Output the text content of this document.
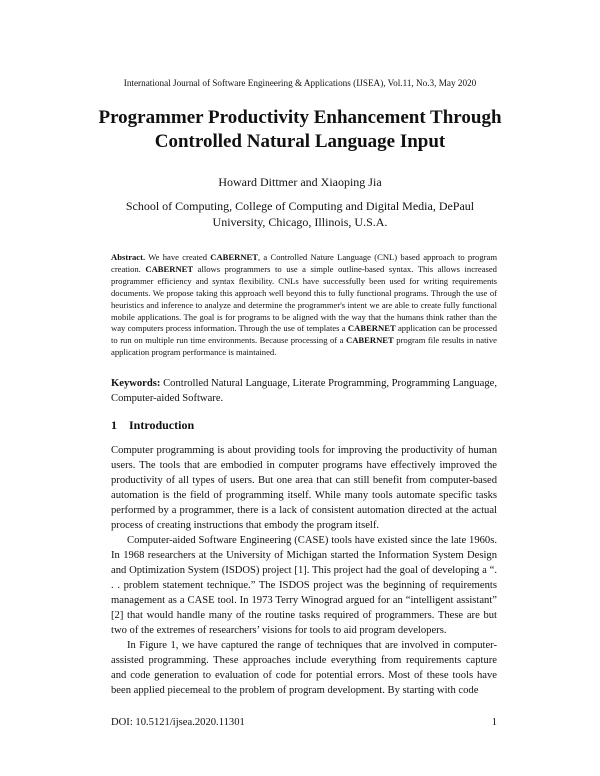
International Journal of Software Engineering & Applications (IJSEA), Vol.11, No.3, May 2020
Programmer Productivity Enhancement Through Controlled Natural Language Input
Howard Dittmer and Xiaoping Jia
School of Computing, College of Computing and Digital Media, DePaul University, Chicago, Illinois, U.S.A.

Abstract. We have created CABERNET, a Controlled Nature Language (CNL) based approach to program creation. CABERNET allows programmers to use a simple outline-based syntax. This allows increased programmer efficiency and syntax flexibility. CNLs have successfully been used for writing requirements documents. We propose taking this approach well beyond this to fully functional programs. Through the use of heuristics and inference to analyze and determine the programmer's intent we are able to create fully functional mobile applications. The goal is for programs to be aligned with the way that the humans think rather than the way computers process information. Through the use of templates a CABERNET application can be processed to run on multiple run time environments. Because processing of a CABERNET program file results in native application program performance is maintained.

Keywords: Controlled Natural Language, Literate Programming, Programming Language, Computer-aided Software.

1 Introduction

Computer programming is about providing tools for improving the productivity of human users. The tools that are embodied in computer programs have effectively improved the productivity of all types of users. But one area that can still benefit from computer-based automation is the field of programming itself. While many tools automate specific tasks performed by a programmer, there is a lack of consistent automation directed at the actual process of creating instructions that embody the program itself.

Computer-aided Software Engineering (CASE) tools have existed since the late 1960s. In 1968 researchers at the University of Michigan started the Information System Design and Optimization System (ISDOS) project [1]. This project had the goal of developing a “. . . problem statement technique.” The ISDOS project was the beginning of requirements management as a CASE tool. In 1973 Terry Winograd argued for an “intelligent assistant” [2] that would handle many of the routine tasks required of programmers. These are but two of the extremes of researchers’ visions for tools to aid program developers.

In Figure 1, we have captured the range of techniques that are involved in computer-assisted programming. These approaches include everything from requirements capture and code generation to evaluation of code for potential errors. Most of these tools have been applied piecemeal to the problem of program development. By starting with code

DOI: 10.5121/ijsea.2020.11301	1
